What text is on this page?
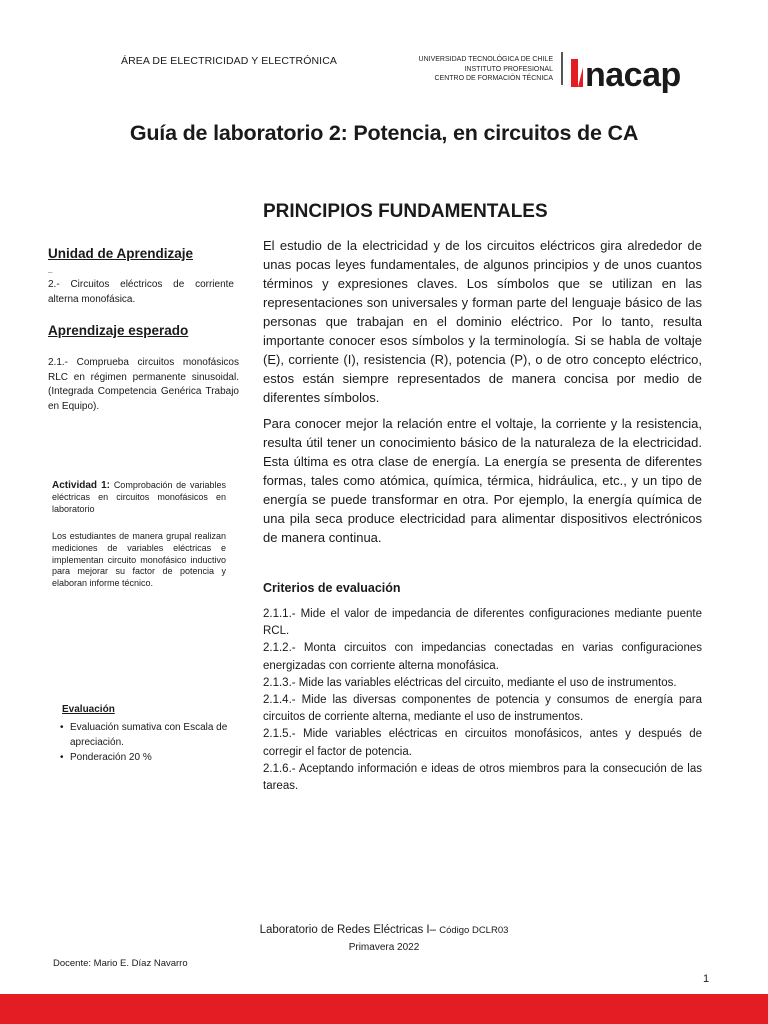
ÁREA DE ELECTRICIDAD Y ELECTRÓNICA	UNIVERSIDAD TECNOLÓGICA DE CHILE
INSTITUTO PROFESIONAL
CENTRO DE FORMACIÓN TÉCNICA nacap
Guía de laboratorio 2: Potencia, en circuitos de CA
Unidad de Aprendizaje
_
2.- Circuitos eléctricos de corriente alterna monofásica.
Aprendizaje esperado
2.1.- Comprueba circuitos monofásicos RLC en régimen permanente sinusoidal. (Integrada Competencia Genérica Trabajo en Equipo).
Actividad 1: Comprobación de variables eléctricas en circuitos monofásicos en laboratorio
Los estudiantes de manera grupal realizan mediciones de variables eléctricas e implementan circuito monofásico inductivo para mejorar su factor de potencia y elaboran informe técnico.
Evaluación
• Evaluación sumativa con Escala de apreciación.
• Ponderación 20 %
PRINCIPIOS FUNDAMENTALES
El estudio de la electricidad y de los circuitos eléctricos gira alrededor de unas pocas leyes fundamentales, de algunos principios y de unos cuantos términos y expresiones claves. Los símbolos que se utilizan en las representaciones son universales y forman parte del lenguaje básico de las personas que trabajan en el dominio eléctrico. Por lo tanto, resulta importante conocer esos símbolos y la terminología. Si se habla de voltaje (E), corriente (I), resistencia (R), potencia (P), o de otro concepto eléctrico, estos están siempre representados de manera concisa por medio de diferentes símbolos.
Para conocer mejor la relación entre el voltaje, la corriente y la resistencia, resulta útil tener un conocimiento básico de la naturaleza de la electricidad. Esta última es otra clase de energía. La energía se presenta de diferentes formas, tales como atómica, química, térmica, hidráulica, etc., y un tipo de energía se puede transformar en otra. Por ejemplo, la energía química de una pila seca produce electricidad para alimentar dispositivos electrónicos de manera continua.
Criterios de evaluación

2.1.1.- Mide el valor de impedancia de diferentes configuraciones mediante puente RCL.

2.1.2.- Monta circuitos con impedancias conectadas en varias configuraciones energizadas con corriente alterna monofásica.

2.1.3.- Mide las variables eléctricas del circuito, mediante el uso de instrumentos.

2.1.4.- Mide las diversas componentes de potencia y consumos de energía para circuitos de corriente alterna, mediante el uso de instrumentos.

2.1.5.- Mide variables eléctricas en circuitos monofásicos, antes y después de corregir el factor de potencia.

2.1.6.- Aceptando información e ideas de otros miembros para la consecución de las tareas.

Laboratorio de Redes Eléctricas I– Código DCLR03
Primavera 2022
Docente: Mario E. Díaz Navarro
1
